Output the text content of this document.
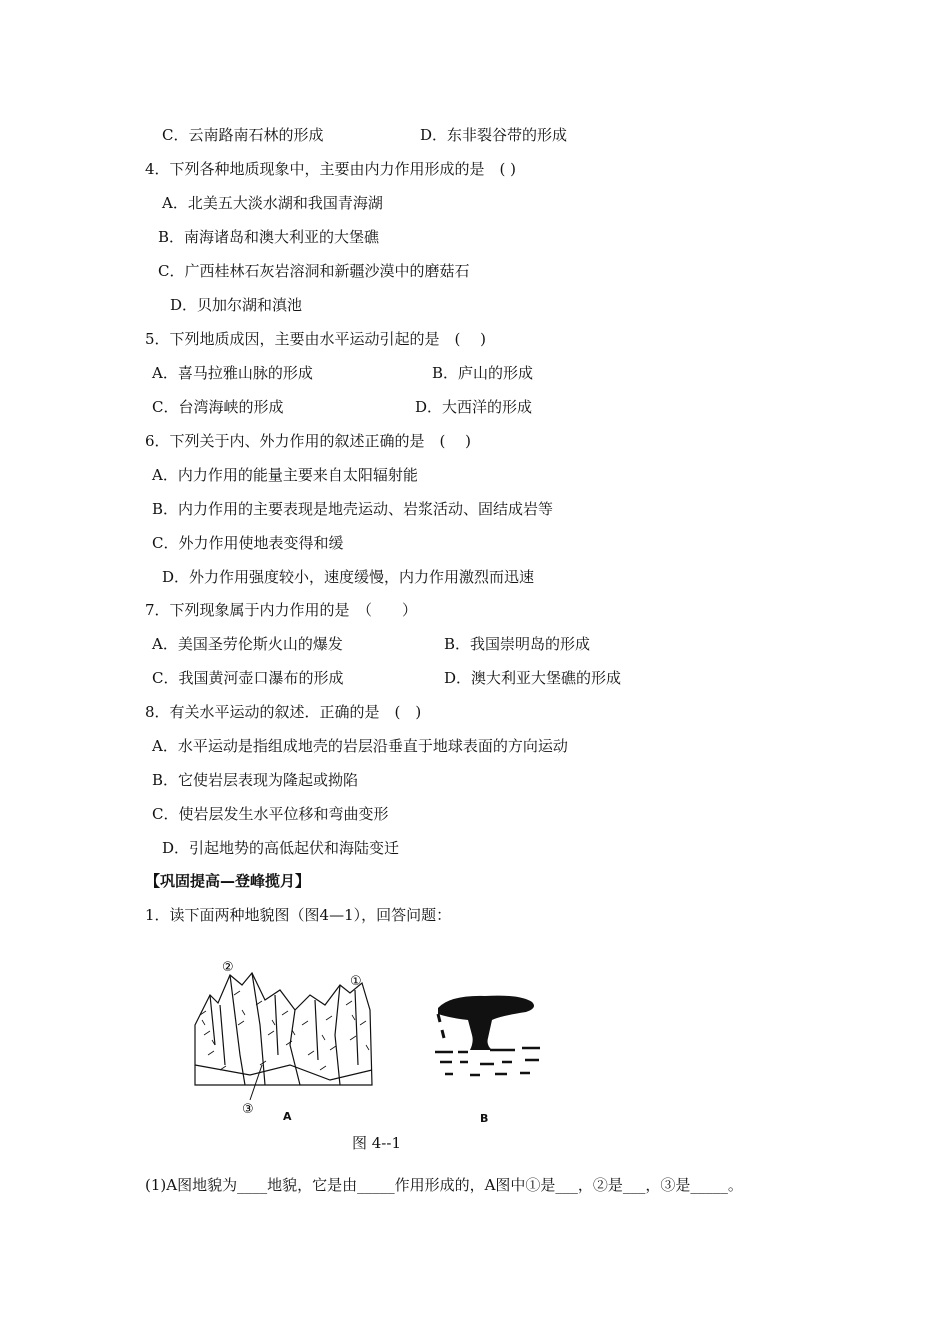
C．云南路南石林的形成	D．东非裂谷带的形成
4．下列各种地质现象中，主要由内力作用形成的是　( )
A．北美五大淡水湖和我国青海湖
B．南海诸岛和澳大利亚的大堡礁
C．广西桂林石灰岩溶洞和新疆沙漠中的磨菇石
D．贝加尔湖和滇池
5．下列地质成因，主要由水平运动引起的是　(　 )
A．喜马拉雅山脉的形成	B．庐山的形成
C．台湾海峡的形成	D．大西洋的形成
6．下列关于内、外力作用的叙述正确的是　(　 )
A．内力作用的能量主要来自太阳辐射能
B．内力作用的主要表现是地壳运动、岩浆活动、固结成岩等
C．外力作用使地表变得和缓
D．外力作用强度较小，速度缓慢，内力作用激烈而迅速
7．下列现象属于内力作用的是　（　　）
A．美国圣劳伦斯火山的爆发	B．我国崇明岛的形成
C．我国黄河壶口瀑布的形成	D．澳大利亚大堡礁的形成
8．有关水平运动的叙述．正确的是　(　)
A．水平运动是指组成地壳的岩层沿垂直于地球表面的方向运动
B．它使岩层表现为隆起或拗陷
C．使岩层发生水平位移和弯曲变形
D．引起地势的高低起伏和海陆变迁
【巩固提高—登峰揽月】
1．读下面两种地貌图（图4—1），回答问题：
②
①
③	A	B
图 4--1
(1)A图地貌为____地貌，它是由_____作用形成的，A图中①是___，②是___，③是_____。
